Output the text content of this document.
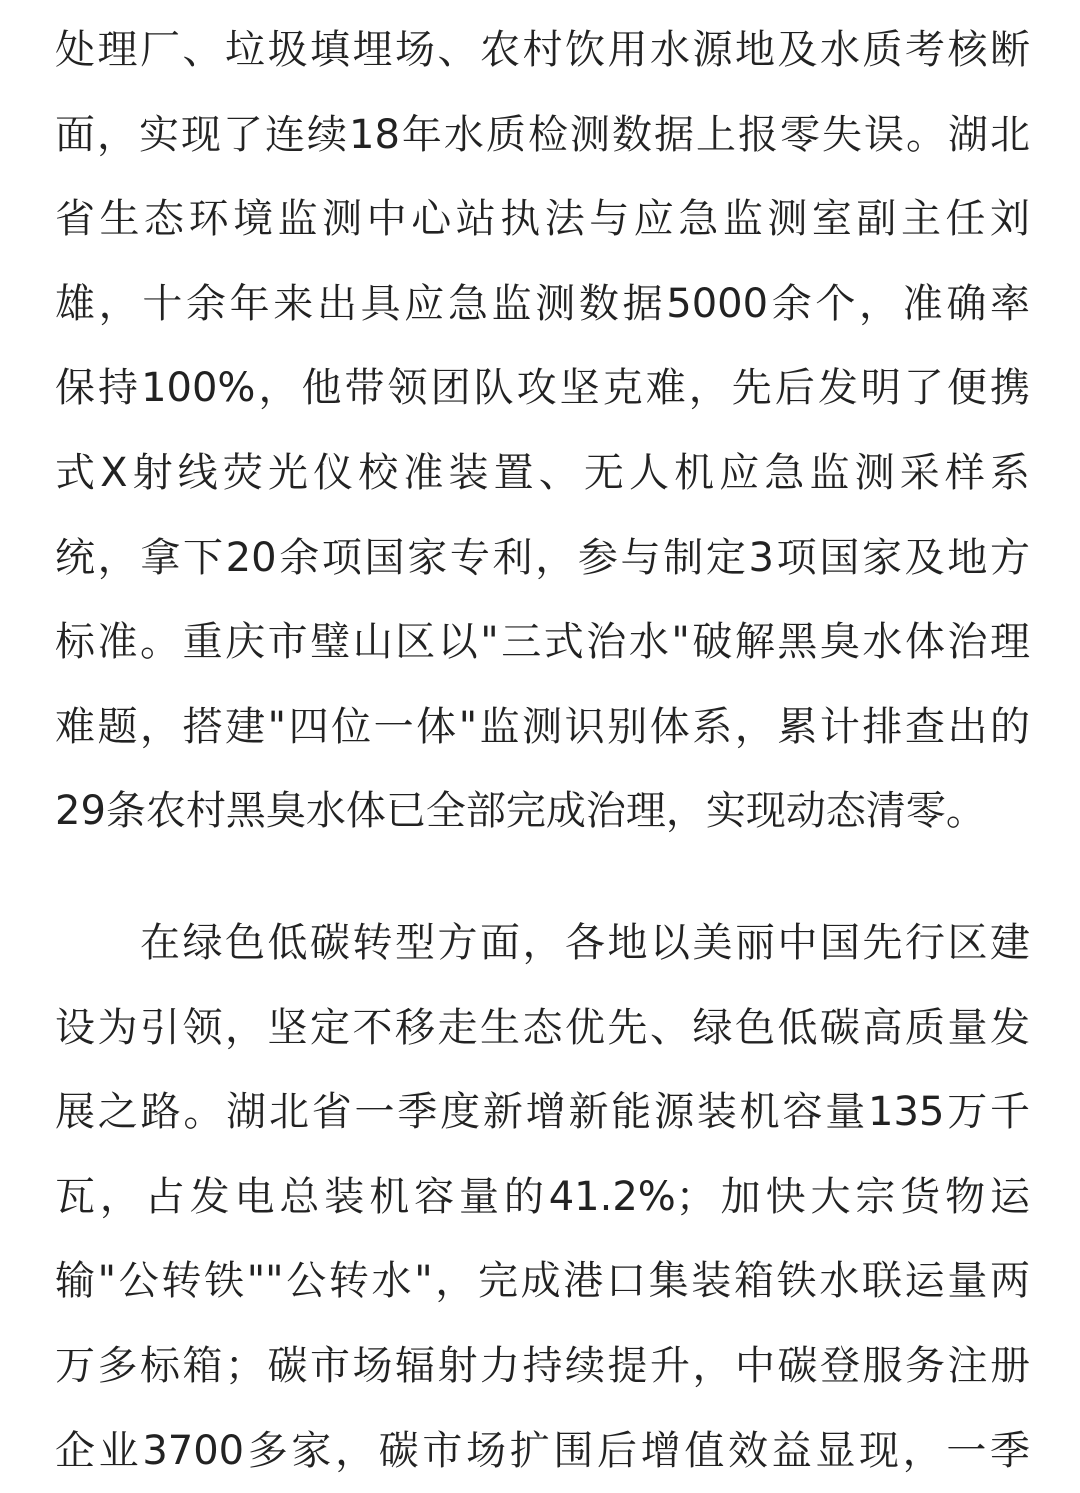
处理厂、垃圾填埋场、农村饮用水源地及水质考核断
面，实现了连续18年水质检测数据上报零失误。湖北
省生态环境监测中心站执法与应急监测室副主任刘
雄，十余年来出具应急监测数据5000余个，准确率
保持100%，他带领团队攻坚克难，先后发明了便携
式X射线荧光仪校准装置、无人机应急监测采样系
统，拿下20余项国家专利，参与制定3项国家及地方
标准。重庆市璧山区以"三式治水"破解黑臭水体治理
难题，搭建"四位一体"监测识别体系，累计排查出的
29条农村黑臭水体已全部完成治理，实现动态清零。
　　在绿色低碳转型方面，各地以美丽中国先行区建
设为引领，坚定不移走生态优先、绿色低碳高质量发
展之路。湖北省一季度新增新能源装机容量135万千
瓦，占发电总装机容量的41.2%；加快大宗货物运
输"公转铁""公转水"，完成港口集装箱铁水联运量两
万多标箱；碳市场辐射力持续提升，中碳登服务注册
企业3700多家，碳市场扩围后增值效益显现，一季
